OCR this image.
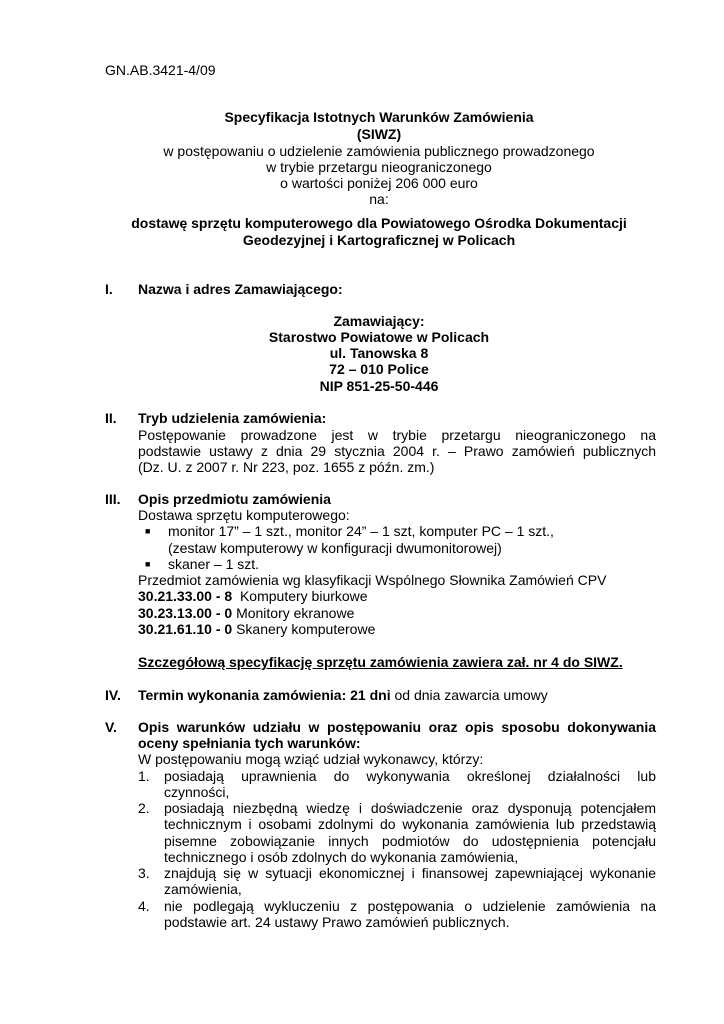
GN.AB.3421-4/09
Specyfikacja Istotnych Warunków Zamówienia
(SIWZ)
w postępowaniu o udzielenie zamówienia publicznego prowadzonego
w trybie przetargu nieograniczonego
o wartości poniżej 206 000 euro
na:
dostawę sprzętu komputerowego dla Powiatowego Ośrodka Dokumentacji
Geodezyjnej i Kartograficznej w Policach
I. Nazwa i adres Zamawiającego:
Zamawiający:
Starostwo Powiatowe w Policach
ul. Tanowska 8
72 – 010 Police
NIP 851-25-50-446
II. Tryb udzielenia zamówienia:
Postępowanie prowadzone jest w trybie przetargu nieograniczonego na
podstawie ustawy z dnia 29 stycznia 2004 r. – Prawo zamówień publicznych
(Dz. U. z 2007 r. Nr 223, poz. 1655 z późn. zm.)
III. Opis przedmiotu zamówienia
Dostawa sprzętu komputerowego:
■ monitor 17” – 1 szt., monitor 24” – 1 szt, komputer PC – 1 szt.,
(zestaw komputerowy w konfiguracji dwumonitorowej)
■ skaner – 1 szt.
Przedmiot zamówienia wg klasyfikacji Wspólnego Słownika Zamówień CPV
30.21.33.00 - 8  Komputery biurkowe
30.23.13.00 - 0 Monitory ekranowe
30.21.61.10 - 0 Skanery komputerowe
Szczegółową specyfikację sprzętu zamówienia zawiera zał. nr 4 do SIWZ.
IV. Termin wykonania zamówienia: 21 dni od dnia zawarcia umowy
V. Opis warunków udziału w postępowaniu oraz opis sposobu dokonywania
oceny spełniania tych warunków:
W postępowaniu mogą wziąć udział wykonawcy, którzy:
1. posiadają uprawnienia do wykonywania określonej działalności lub
czynności,
2. posiadają niezbędną wiedzę i doświadczenie oraz dysponują potencjałem
technicznym i osobami zdolnymi do wykonania zamówienia lub przedstawią
pisemne zobowiązanie innych podmiotów do udostępnienia potencjału
technicznego i osób zdolnych do wykonania zamówienia,
3. znajdują się w sytuacji ekonomicznej i finansowej zapewniającej wykonanie
zamówienia,
4. nie podlegają wykluczeniu z postępowania o udzielenie zamówienia na
podstawie art. 24 ustawy Prawo zamówień publicznych.
